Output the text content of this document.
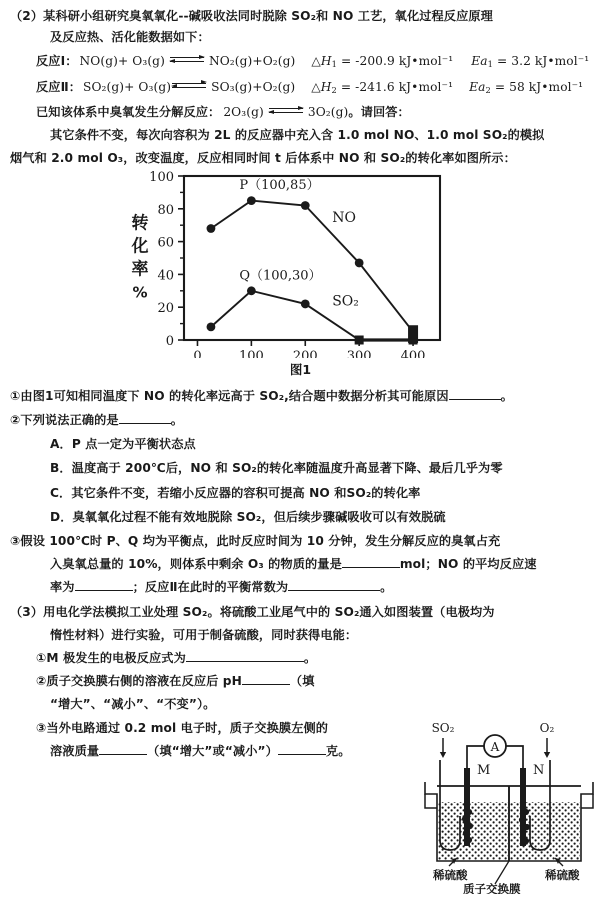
（2） 某科研小组研究臭氧氧化--碱吸收法同时脱除 SO₂和 NO 工艺，氧化过程反应原理
及反应热、活化能数据如下：
反应Ⅰ： NO(g)+ O₃(g)	NO₂(g)+O₂(g) $\triangle H_1 = -200.9$ kJ•mol⁻¹ $Ea_1 = 3.2$ kJ•mol⁻¹
反应Ⅱ： SO₂(g)+ O₃(g)	SO₃(g)+O₂(g) $\triangle H_2 = -241.6$ kJ•mol⁻¹ $Ea_2 = 58$ kJ•mol⁻¹
已知该体系中臭氧发生分解反应： 2O₃(g)	3O₂(g) 。请回答：
其它条件不变，每次向容积为 2L 的反应器中充入含 1.0 mol NO、1.0 mol SO₂的模拟
烟气和 2.0 mol O₃，改变温度，反应相同时间 t 后体系中 NO 和 SO₂的转化率如图所示：
0
20
40
60
80
100
0	100 200 300 400
转
化
率
%
NO
SO₂
P（100,85）
Q（100,30）
图1
①由图1可知相同温度下 NO 的转化率远高于 SO₂,结合题中数据分析其可能原因	。
②下列说法正确的是	。
A．P 点一定为平衡状态点
B．温度高于 200℃后，NO 和 SO₂的转化率随温度升高显著下降、最后几乎为零
C．其它条件不变，若缩小反应器的容积可提高 NO 和SO₂的转化率
D．臭氧氧化过程不能有效地脱除 SO₂，但后续步骤碱吸收可以有效脱硫
③假设 100℃时 P、Q 均为平衡点，此时反应时间为 10 分钟，发生分解反应的臭氧占充
入臭氧总量的 10%，则体系中剩余 O₃ 的物质的量是	mol；NO 的平均反应速
率为	；反应Ⅱ在此时的平衡常数为	。
（3） 用电化学法模拟工业处理 SO₂。将硫酸工业尾气中的 SO₂通入如图装置（电极均为
惰性材料）进行实验，可用于制备硫酸，同时获得电能：
①M 极发生的电极反应式为	。
②质子交换膜右侧的溶液在反应后 pH	（填
“增大”、“减小”、“不变”）。
③当外电路通过 0.2 mol 电子时，质子交换膜左侧的
溶液质量	（填“增大”或“减小”）	克。
SO₂	O₂
A
M	N
稀硫酸	稀硫酸
质子交换膜
